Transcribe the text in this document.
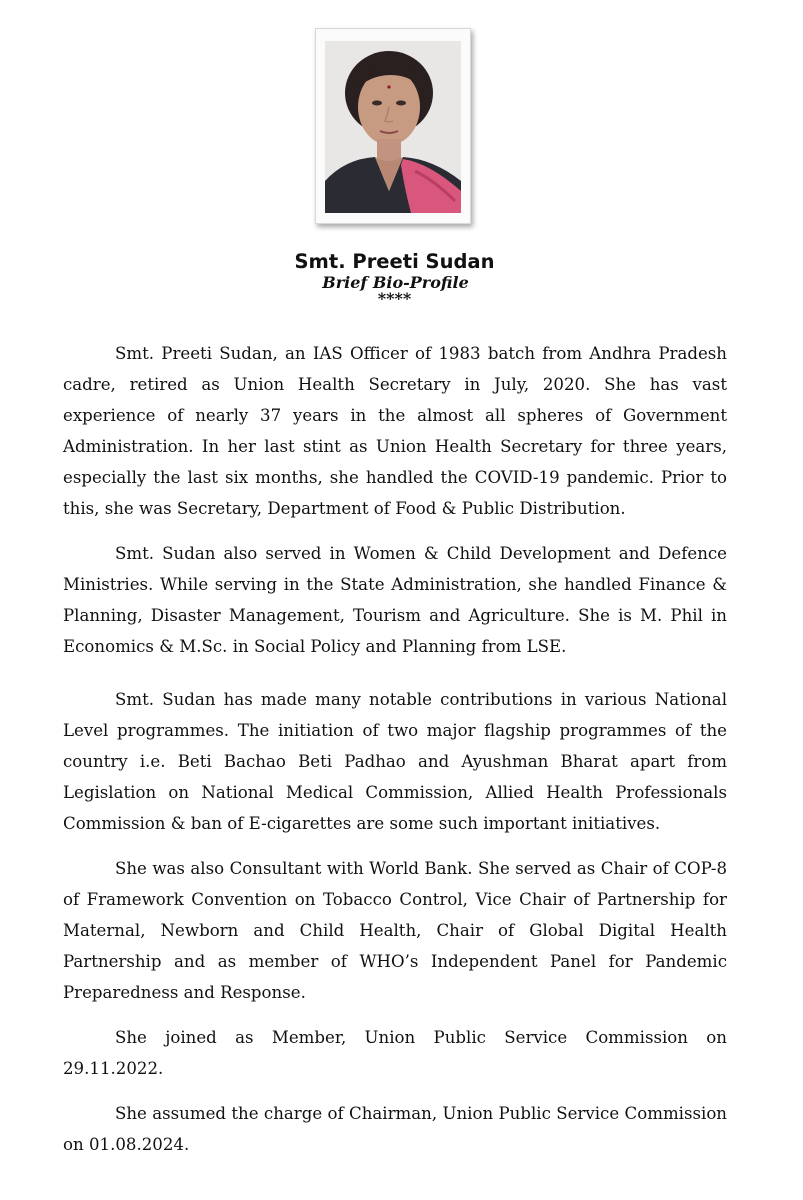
Smt. Preeti Sudan
Brief Bio-Profile
****

Smt. Preeti Sudan, an IAS Officer of 1983 batch from Andhra Pradesh cadre, retired as Union Health Secretary in July, 2020. She has vast experience of nearly 37 years in the almost all spheres of Government Administration. In her last stint as Union Health Secretary for three years, especially the last six months, she handled the COVID-19 pandemic. Prior to this, she was Secretary, Department of Food & Public Distribution.

Smt. Sudan also served in Women & Child Development and Defence Ministries. While serving in the State Administration, she handled Finance & Planning, Disaster Management, Tourism and Agriculture. She is M. Phil in Economics & M.Sc. in Social Policy and Planning from LSE.

Smt. Sudan has made many notable contributions in various National Level programmes. The initiation of two major flagship programmes of the country i.e. Beti Bachao Beti Padhao and Ayushman Bharat apart from Legislation on National Medical Commission, Allied Health Professionals Commission & ban of E-cigarettes are some such important initiatives.

She was also Consultant with World Bank. She served as Chair of COP-8 of Framework Convention on Tobacco Control, Vice Chair of Partnership for Maternal, Newborn and Child Health, Chair of Global Digital Health Partnership and as member of WHO’s Independent Panel for Pandemic Preparedness and Response.

She joined as Member, Union Public Service Commission on 29.11.2022.

She assumed the charge of Chairman, Union Public Service Commission on 01.08.2024.
